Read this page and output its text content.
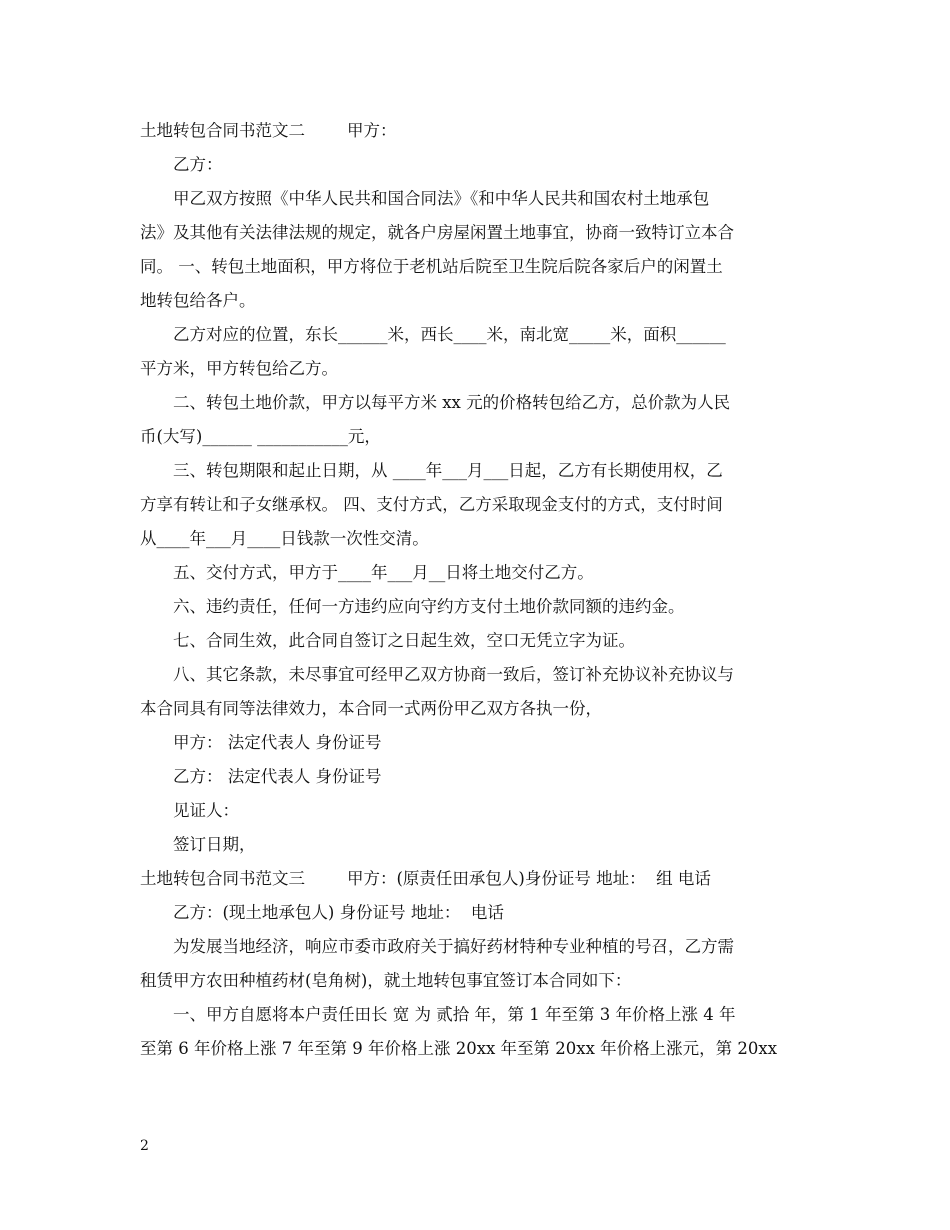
土地转包合同书范文二        甲方：
乙方：
甲乙双方按照《中华人民共和国合同法》《和中华人民共和国农村土地承包
法》及其他有关法律法规的规定，就各户房屋闲置土地事宜，协商一致特订立本合
同。 一、转包土地面积，甲方将位于老机站后院至卫生院后院各家后户的闲置土
地转包给各户。
乙方对应的位置，东长______米，西长____米，南北宽_____米，面积______
平方米，甲方转包给乙方。
二、转包土地价款，甲方以每平方米 xx 元的价格转包给乙方，总价款为人民
币(大写)______ ___________元，
三、转包期限和起止日期，从 ____年___月___日起，乙方有长期使用权，乙
方享有转让和子女继承权。 四、支付方式，乙方采取现金支付的方式，支付时间
从____年___月____日钱款一次性交清。
五、交付方式，甲方于____年___月__日将土地交付乙方。
六、违约责任，任何一方违约应向守约方支付土地价款同额的违约金。
七、合同生效，此合同自签订之日起生效，空口无凭立字为证。
八、其它条款，未尽事宜可经甲乙双方协商一致后，签订补充协议补充协议与
本合同具有同等法律效力，本合同一式两份甲乙双方各执一份，
甲方： 法定代表人 身份证号
乙方： 法定代表人 身份证号
见证人：
签订日期，
土地转包合同书范文三        甲方：(原责任田承包人)身份证号 地址：  组 电话
乙方：(现土地承包人) 身份证号 地址：  电话
为发展当地经济，响应市委市政府关于搞好药材特种专业种植的号召，乙方需
租赁甲方农田种植药材(皂角树)，就土地转包事宜签订本合同如下：
一、甲方自愿将本户责任田长 宽 为 贰拾 年，第 1 年至第 3 年价格上涨 4 年
至第 6 年价格上涨 7 年至第 9 年价格上涨 20xx 年至第 20xx 年价格上涨元，第 20xx
2
